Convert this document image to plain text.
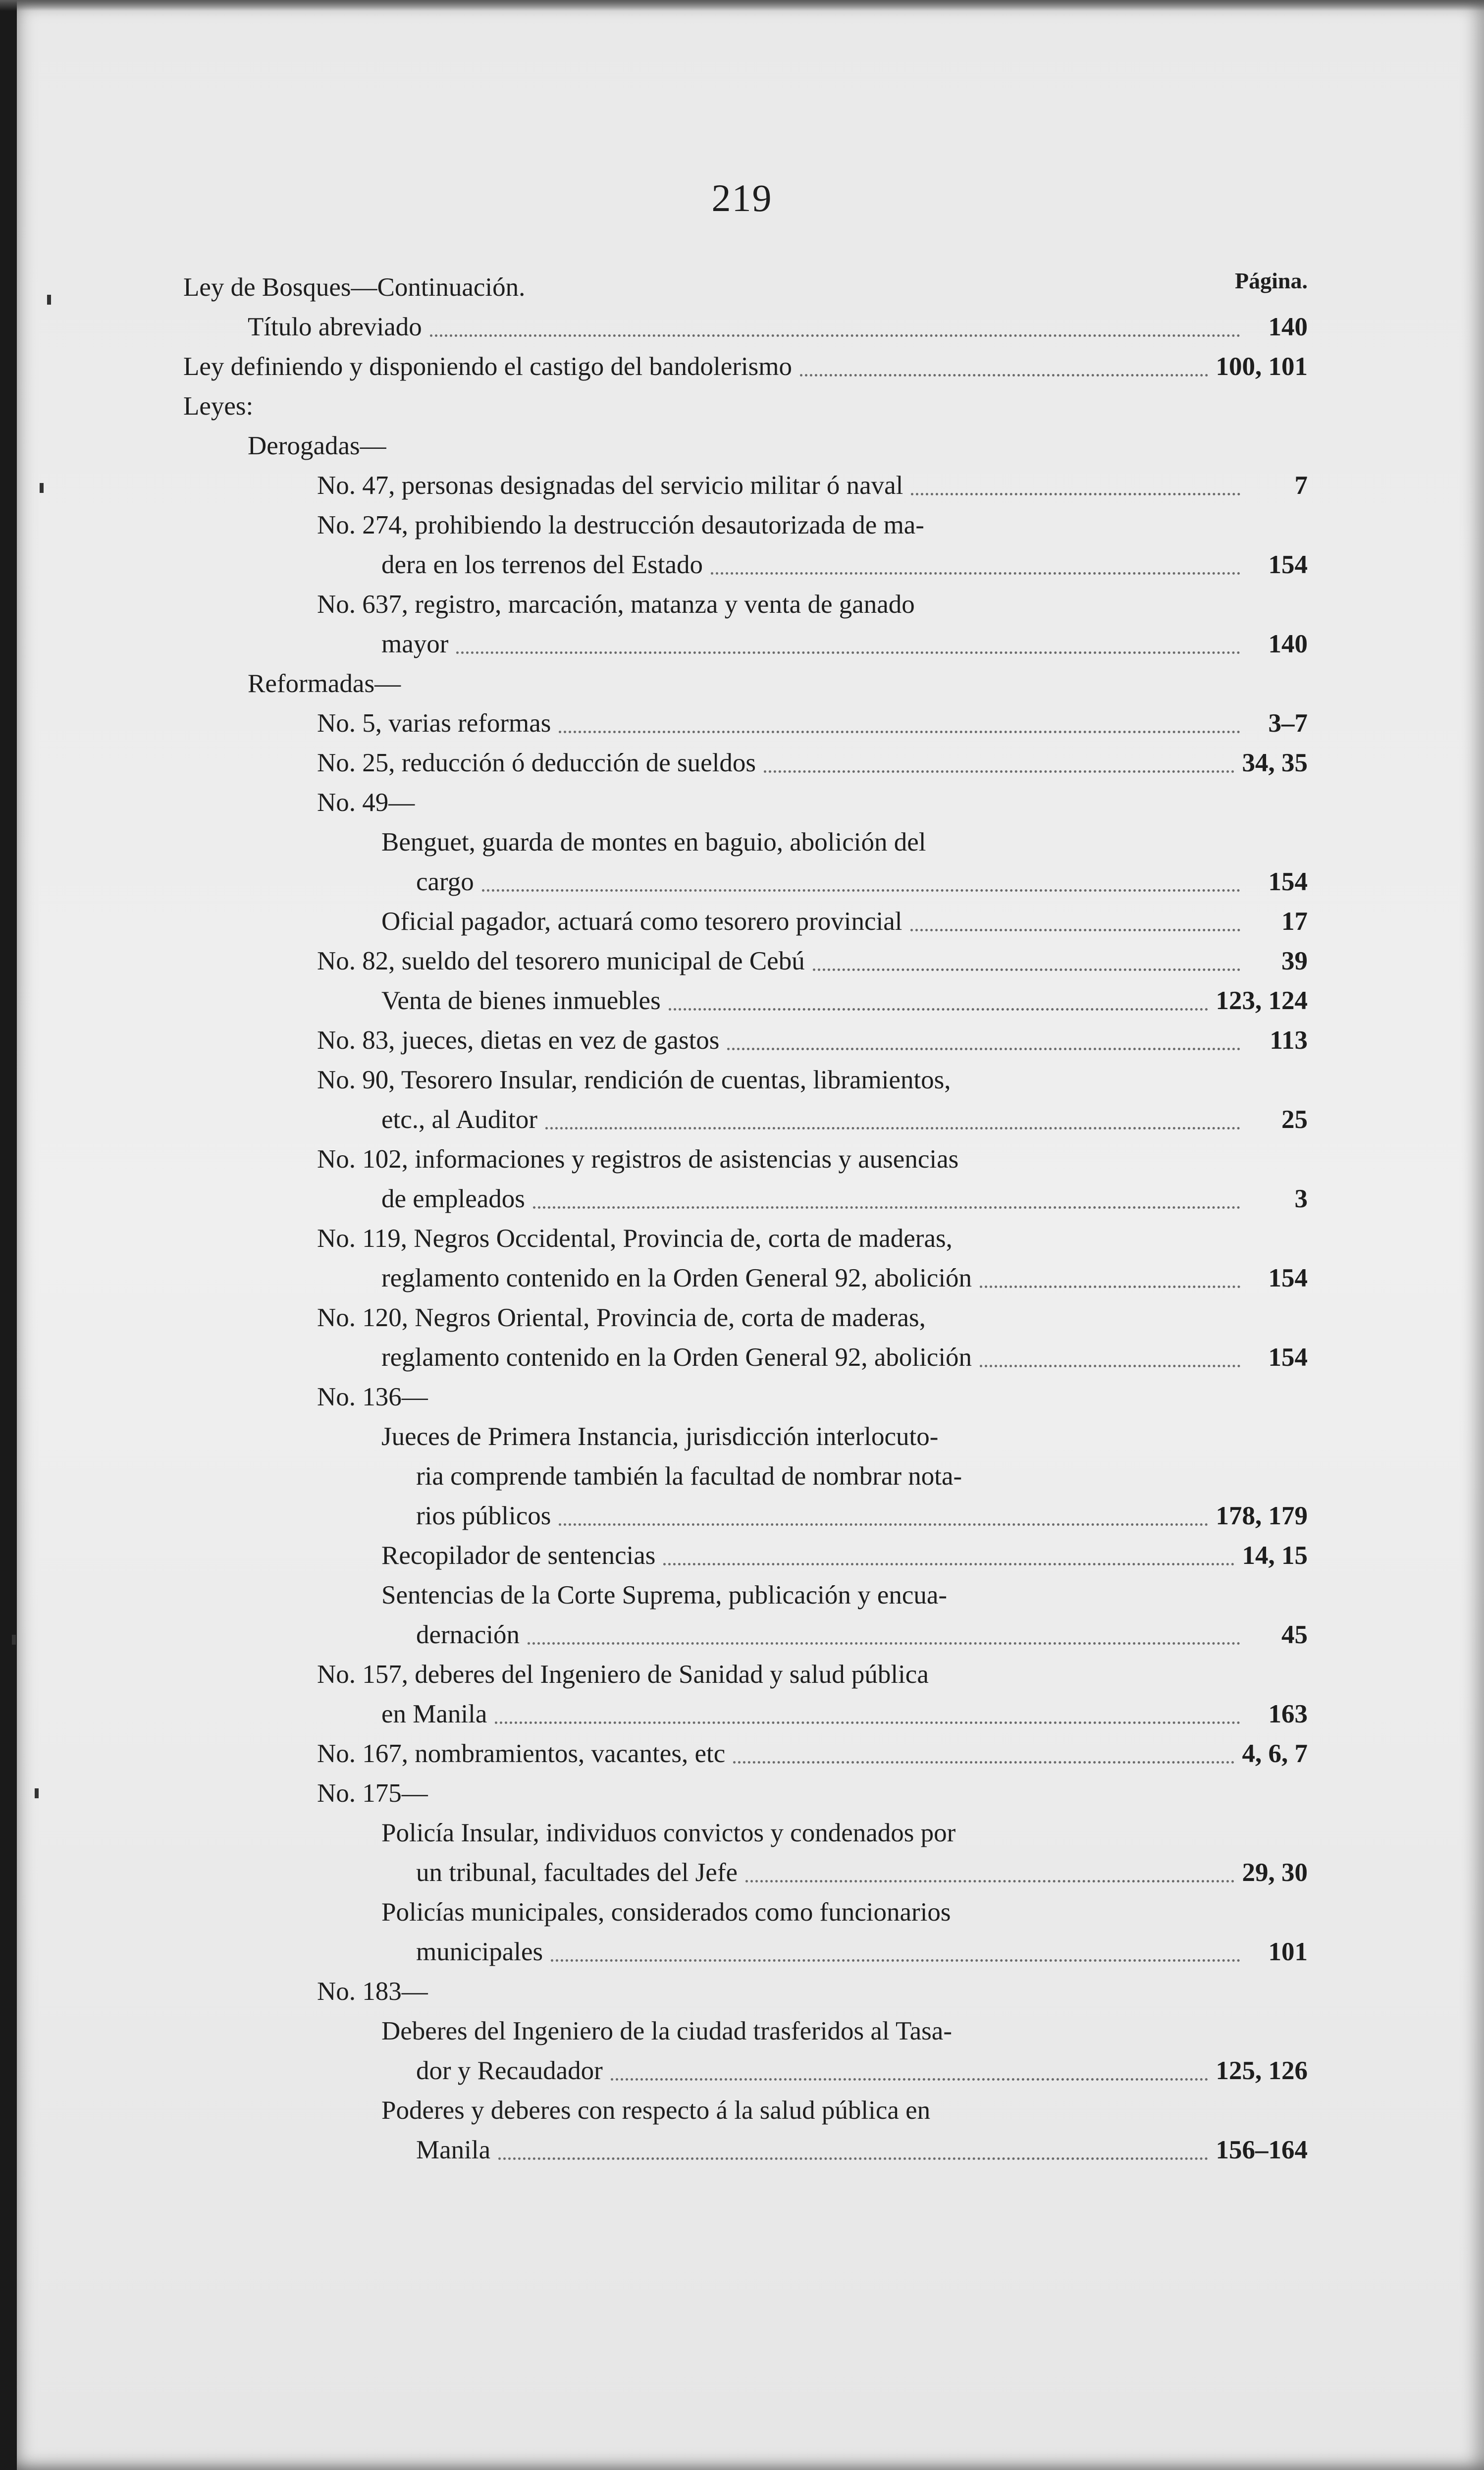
219
Página.
Ley de Bosques—Continuación.
Título abreviado	140
Ley definiendo y disponiendo el castigo del bandolerismo	100, 101
Leyes:
Derogadas—
No. 47, personas designadas del servicio militar ó naval	7
No. 274, prohibiendo la destrucción desautorizada de ma-
dera en los terrenos del Estado	154
No. 637, registro, marcación, matanza y venta de ganado
mayor	140
Reformadas—
No. 5, varias reformas	3–7
No. 25, reducción ó deducción de sueldos	34, 35
No. 49—
Benguet, guarda de montes en baguio, abolición del
cargo	154
Oficial pagador, actuará como tesorero provincial	17
No. 82, sueldo del tesorero municipal de Cebú	39
Venta de bienes inmuebles	123, 124
No. 83, jueces, dietas en vez de gastos	113
No. 90, Tesorero Insular, rendición de cuentas, libramientos,
etc., al Auditor	25
No. 102, informaciones y registros de asistencias y ausencias
de empleados	3
No. 119, Negros Occidental, Provincia de, corta de maderas,
reglamento contenido en la Orden General 92, abolición	154
No. 120, Negros Oriental, Provincia de, corta de maderas,
reglamento contenido en la Orden General 92, abolición	154
No. 136—
Jueces de Primera Instancia, jurisdicción interlocuto-
ria comprende también la facultad de nombrar nota-
rios públicos	178, 179
Recopilador de sentencias	14, 15
Sentencias de la Corte Suprema, publicación y encua-
dernación	45
No. 157, deberes del Ingeniero de Sanidad y salud pública
en Manila	163
No. 167, nombramientos, vacantes, etc	4, 6, 7
No. 175—
Policía Insular, individuos convictos y condenados por
un tribunal, facultades del Jefe	29, 30
Policías municipales, considerados como funcionarios
municipales	101
No. 183—
Deberes del Ingeniero de la ciudad trasferidos al Tasa-
dor y Recaudador	125, 126
Poderes y deberes con respecto á la salud pública en
Manila	156–164
